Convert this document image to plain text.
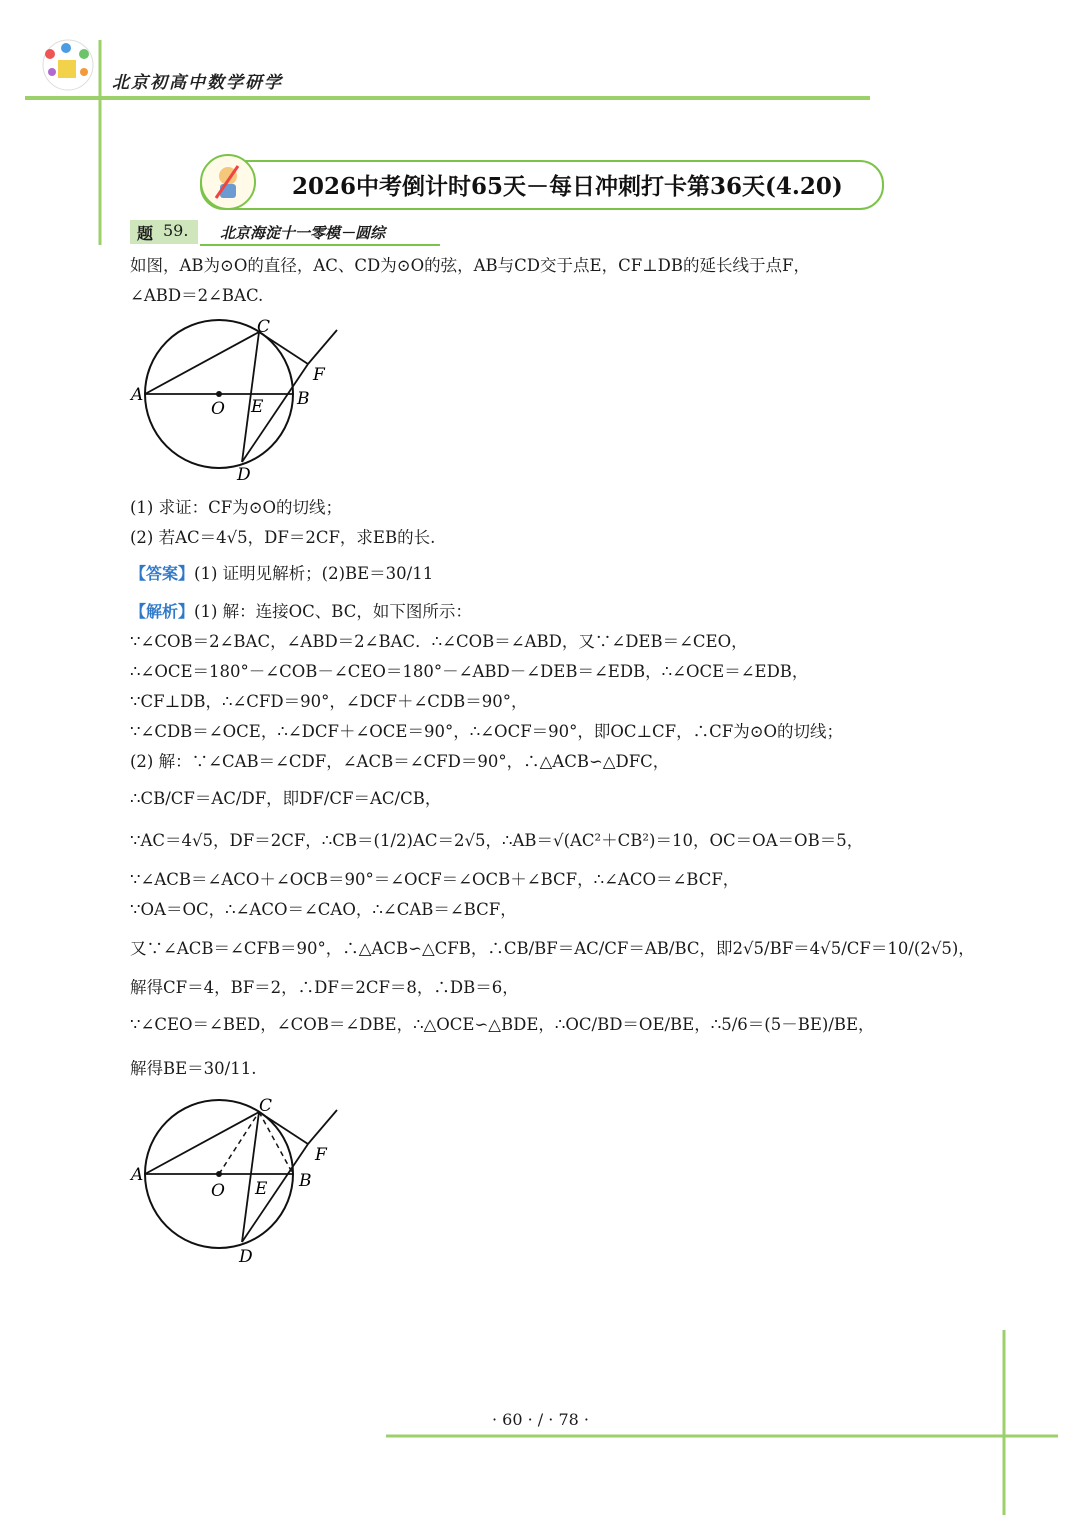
北京初高中数学研学
2026中考倒计时65天－每日冲刺打卡第36天(4.20)
题 59. 北京海淀十一零模－圆综
如图，AB为⊙O的直径，AC、CD为⊙O的弦，AB与CD交于点E，CF⊥DB的延长线于点F，
∠ABD＝2∠BAC.
A
C
B
F
O E
D
(1) 求证：CF为⊙O的切线；
(2) 若AC＝4√5，DF＝2CF，求EB的长.
【答案】(1) 证明见解析；(2)BE＝30/11
【解析】(1) 解：连接OC、BC，如下图所示：
∵∠COB＝2∠BAC，∠ABD＝2∠BAC．∴∠COB＝∠ABD，又∵∠DEB＝∠CEO，
∴∠OCE＝180°－∠COB－∠CEO＝180°－∠ABD－∠DEB＝∠EDB，∴∠OCE＝∠EDB，
∵CF⊥DB，∴∠CFD＝90°，∠DCF＋∠CDB＝90°，
∵∠CDB＝∠OCE，∴∠DCF＋∠OCE＝90°，∴∠OCF＝90°，即OC⊥CF，∴CF为⊙O的切线；
(2) 解：∵∠CAB＝∠CDF，∠ACB＝∠CFD＝90°，∴△ACB∽△DFC，
∴CB/CF＝AC/DF，即DF/CF＝AC/CB，
∵AC＝4√5，DF＝2CF，∴CB＝(1/2)AC＝2√5，∴AB＝√(AC²＋CB²)＝10，OC＝OA＝OB＝5，
∵∠ACB＝∠ACO＋∠OCB＝90°＝∠OCF＝∠OCB＋∠BCF，∴∠ACO＝∠BCF，
∵OA＝OC，∴∠ACO＝∠CAO，∴∠CAB＝∠BCF，
又∵∠ACB＝∠CFB＝90°，∴△ACB∽△CFB，∴CB/BF＝AC/CF＝AB/BC，即2√5/BF＝4√5/CF＝10/(2√5)，
解得CF＝4，BF＝2，∴DF＝2CF＝8，∴DB＝6，
∵∠CEO＝∠BED，∠COB＝∠DBE，∴△OCE∽△BDE，∴OC/BD＝OE/BE，∴5/6＝(5－BE)/BE，
解得BE＝30/11.
A
C
B
F
O E
D
· 60 · / · 78 ·
